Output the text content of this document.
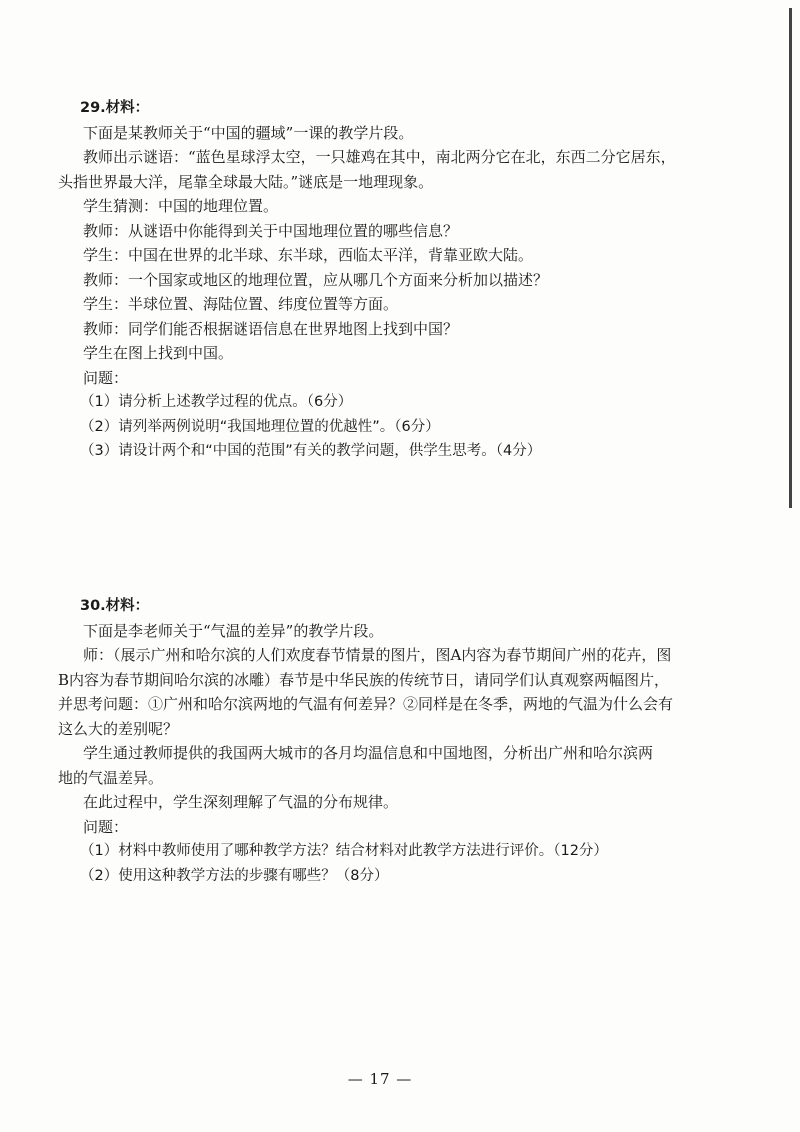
29.材料：

下面是某教师关于“中国的疆域”一课的教学片段。

教师出示谜语：“蓝色星球浮太空，一只雄鸡在其中，南北两分它在北，东西二分它居东，

头指世界最大洋，尾靠全球最大陆。”谜底是一地理现象。

学生猜测：中国的地理位置。

教师：从谜语中你能得到关于中国地理位置的哪些信息？

学生：中国在世界的北半球、东半球，西临太平洋，背靠亚欧大陆。

教师：一个国家或地区的地理位置，应从哪几个方面来分析加以描述？

学生：半球位置、海陆位置、纬度位置等方面。

教师：同学们能否根据谜语信息在世界地图上找到中国？

学生在图上找到中国。

问题：

（1）请分析上述教学过程的优点。（6分）

（2）请列举两例说明“我国地理位置的优越性”。（6分）

（3）请设计两个和“中国的范围”有关的教学问题，供学生思考。（4分）

30.材料：

下面是李老师关于“气温的差异”的教学片段。

师：（展示广州和哈尔滨的人们欢度春节情景的图片，图A内容为春节期间广州的花卉，图

B内容为春节期间哈尔滨的冰雕）春节是中华民族的传统节日，请同学们认真观察两幅图片，

并思考问题：①广州和哈尔滨两地的气温有何差异？②同样是在冬季，两地的气温为什么会有

这么大的差别呢？

学生通过教师提供的我国两大城市的各月均温信息和中国地图，分析出广州和哈尔滨两

地的气温差异。

在此过程中，学生深刻理解了气温的分布规律。

问题：

（1）材料中教师使用了哪种教学方法？结合材料对此教学方法进行评价。（12分）

（2）使用这种教学方法的步骤有哪些？（8分）

— 17 —
